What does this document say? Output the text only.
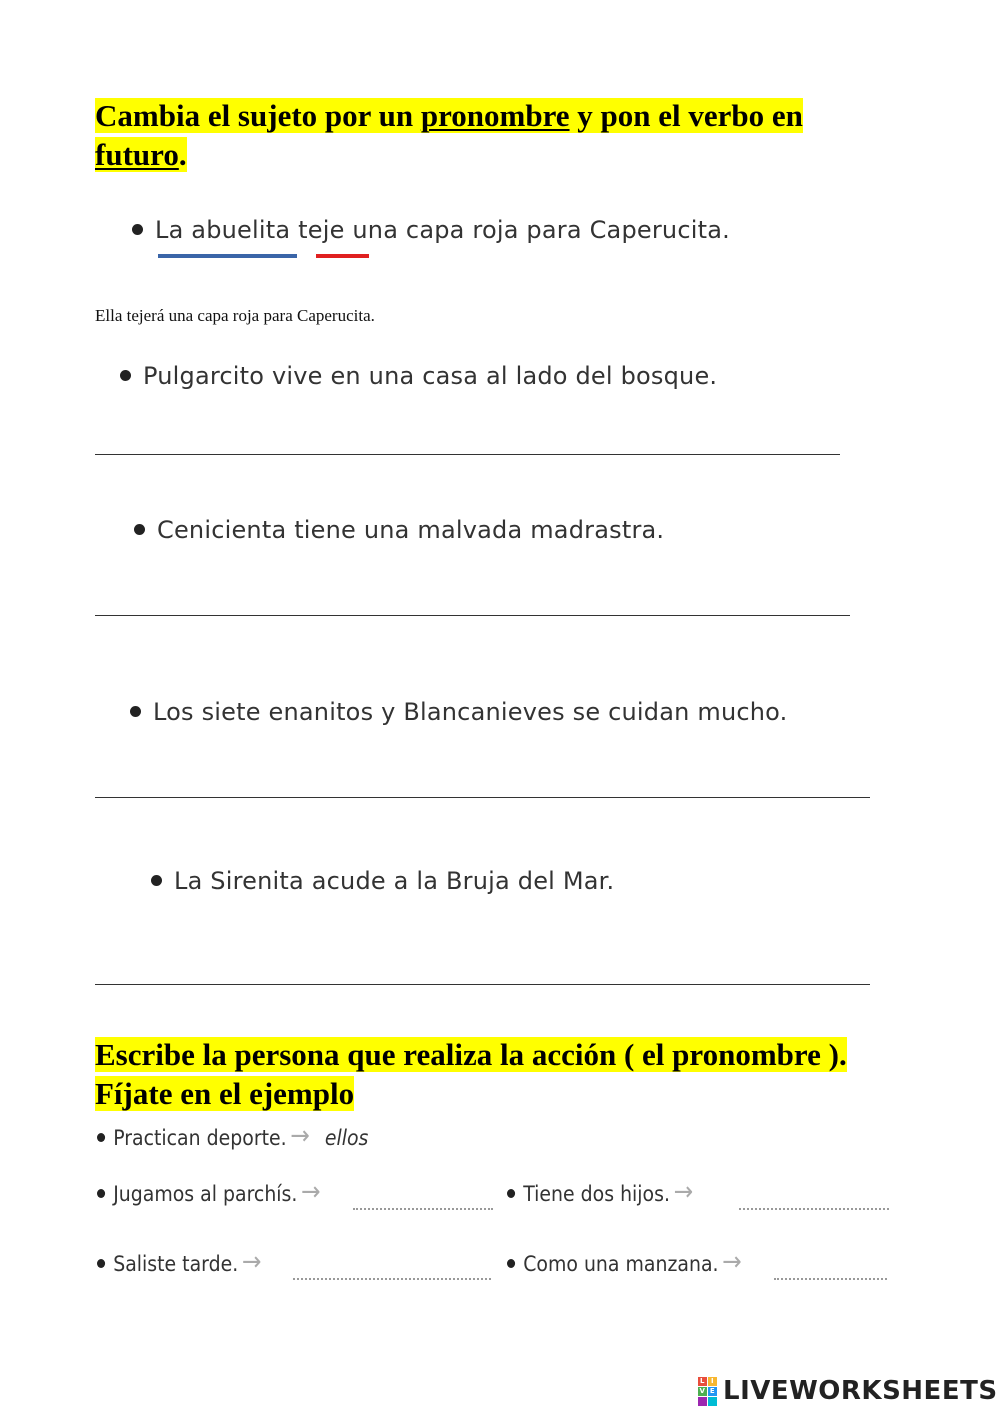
Cambia el sujeto por un pronombre y pon el verbo en
futuro.
La abuelita teje una capa roja para Caperucita.
Ella tejerá una capa roja para Caperucita.
Pulgarcito vive en una casa al lado del bosque.
Cenicienta tiene una malvada madrastra.
Los siete enanitos y Blancanieves se cuidan mucho.
La Sirenita acude a la Bruja del Mar.
Escribe la persona que realiza la acción ( el pronombre ).
Fíjate en el ejemplo
Practican deporte. → ellos
Jugamos al parchís. →	Tiene dos hijos. →
Saliste tarde. →	Como una manzana. →
L I
V E LIVEWORKSHEETS
